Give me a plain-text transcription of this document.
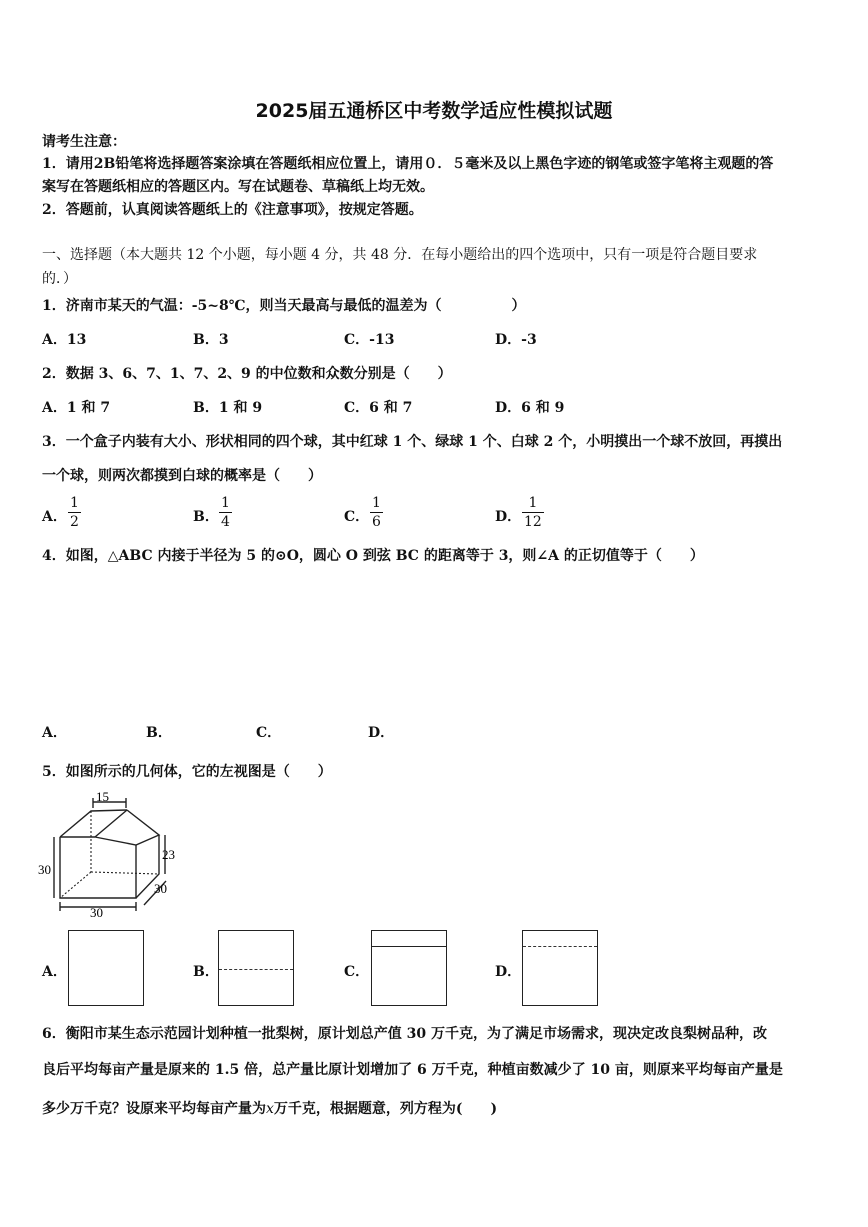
2025届五通桥区中考数学适应性模拟试题
请考生注意：
1．请用2B铅笔将选择题答案涂填在答题纸相应位置上，请用０．５毫米及以上黑色字迹的钢笔或签字笔将主观题的答
案写在答题纸相应的答题区内。写在试题卷、草稿纸上均无效。
2．答题前，认真阅读答题纸上的《注意事项》，按规定答题。
一、选择题（本大题共 12 个小题，每小题 4 分，共 48 分．在每小题给出的四个选项中，只有一项是符合题目要求
的．）
1．济南市某天的气温：-5~8℃，则当天最高与最低的温差为（　　　　　）
A．13	B．3	C．-13	D．-3
2．数据 3、6、7、1、7、2、9 的中位数和众数分别是（　　）
A．1 和 7	B．1 和 9	C．6 和 7	D．6 和 9
3．一个盒子内装有大小、形状相同的四个球，其中红球 1 个、绿球 1 个、白球 2 个，小明摸出一个球不放回，再摸出
一个球，则两次都摸到白球的概率是（　　）
A．
1
2	B．
1
4	C．
1
6	D．
1
12
4．如图，△ABC 内接于半径为 5 的⊙O，圆心 O 到弦 BC 的距离等于 3，则∠A 的正切值等于（　　）
A．	B．	C．	D．
5．如图所示的几何体，它的左视图是（　　）
15
30
23
30
30
A．	B．	C．	D．
6．衡阳市某生态示范园计划种植一批梨树，原计划总产值 30 万千克，为了满足市场需求，现决定改良梨树品种，改
良后平均每亩产量是原来的 1.5 倍，总产量比原计划增加了 6 万千克，种植亩数减少了 10 亩，则原来平均每亩产量是
多少万千克？设原来平均每亩产量为x万千克，根据题意，列方程为(　　)
